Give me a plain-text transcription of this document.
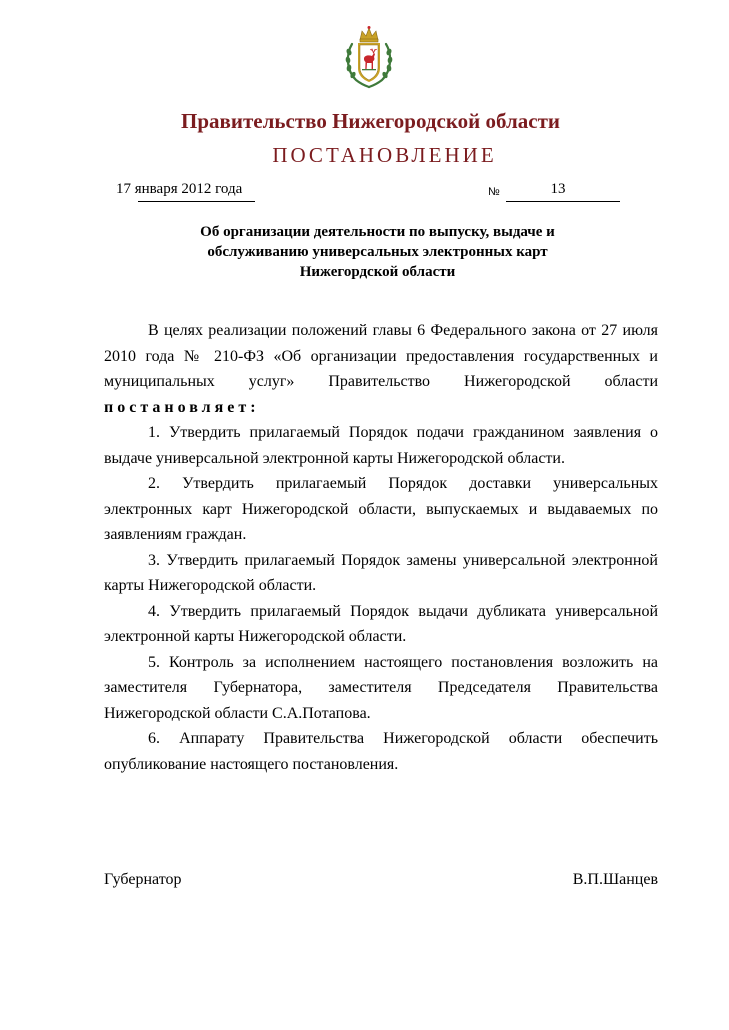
Правительство Нижегородской области
ПОСТАНОВЛЕНИЕ
17 января 2012 года	№	13
Об организации деятельности по выпуску, выдаче и
обслуживанию универсальных электронных карт
Нижегордской области

В целях реализации положений главы 6 Федерального закона от 27 июля 2010 года № 210-ФЗ «Об организации предоставления государственных и муниципальных услуг» Правительство Нижегородской области постановляет:

1. Утвердить прилагаемый Порядок подачи гражданином заявления о выдаче универсальной электронной карты Нижегородской области.

2. Утвердить прилагаемый Порядок доставки универсальных электронных карт Нижегородской области, выпускаемых и выдаваемых по заявлениям граждан.

3. Утвердить прилагаемый Порядок замены универсальной электронной карты Нижегородской области.

4. Утвердить прилагаемый Порядок выдачи дубликата универсальной электронной карты Нижегородской области.

5. Контроль за исполнением настоящего постановления возложить на заместителя Губернатора, заместителя Председателя Правительства Нижегородской области С.А.Потапова.

6. Аппарату Правительства Нижегородской области обеспечить опубликование настоящего постановления.

Губернатор	В.П.Шанцев
